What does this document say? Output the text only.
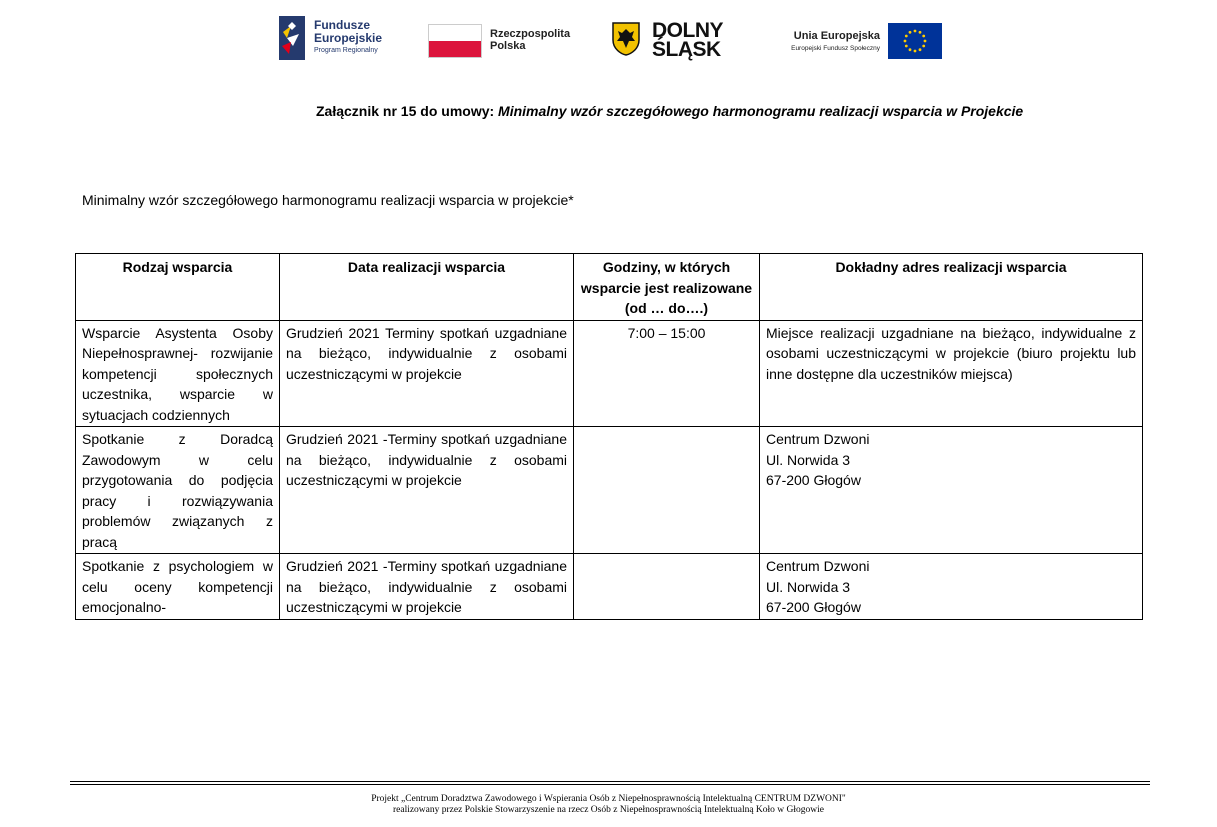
Fundusze
Europejskie
Program Regionalny
Rzeczpospolita
Polska
DOLNY
ŚLĄSK
Unia Europejska
Europejski Fundusz Społeczny
Załącznik nr 15 do umowy: Minimalny wzór szczegółowego harmonogramu realizacji wsparcia w Projekcie
Minimalny wzór szczegółowego harmonogramu realizacji wsparcia w projekcie*
Rodzaj wsparcia	Data realizacji wsparcia	Godziny, w których wsparcie jest realizowane (od … do….)	Dokładny adres realizacji wsparcia
Wsparcie Asystenta Osoby Niepełnosprawnej- rozwijanie kompetencji społecznych uczestnika, wsparcie w sytuacjach codziennych	Grudzień 2021 Terminy spotkań uzgadniane na bieżąco, indywidualnie z osobami uczestniczącymi w projekcie	7:00 – 15:00	Miejsce realizacji uzgadniane na bieżąco, indywidualne z osobami uczestniczącymi w projekcie (biuro projektu lub inne dostępne dla uczestników miejsca)

Spotkanie z Doradcą Zawodowym w celu przygotowania do podjęcia pracy i rozwiązywania problemów związanych z pracą	Grudzień 2021 -Terminy spotkań uzgadniane na bieżąco, indywidualnie z osobami uczestniczącymi w projekcie		Centrum Dzwoni
Ul. Norwida 3
67-200 Głogów

Spotkanie z psychologiem w celu oceny kompetencji emocjonalno-	Grudzień 2021 -Terminy spotkań uzgadniane na bieżąco, indywidualnie z osobami uczestniczącymi w projekcie		Centrum Dzwoni
Ul. Norwida 3
67-200 Głogów
Projekt „Centrum Doradztwa Zawodowego i Wspierania Osób z Niepełnosprawnością Intelektualną CENTRUM DZWONI"
realizowany przez Polskie Stowarzyszenie na rzecz Osób z Niepełnosprawnością Intelektualną Koło w Głogowie
